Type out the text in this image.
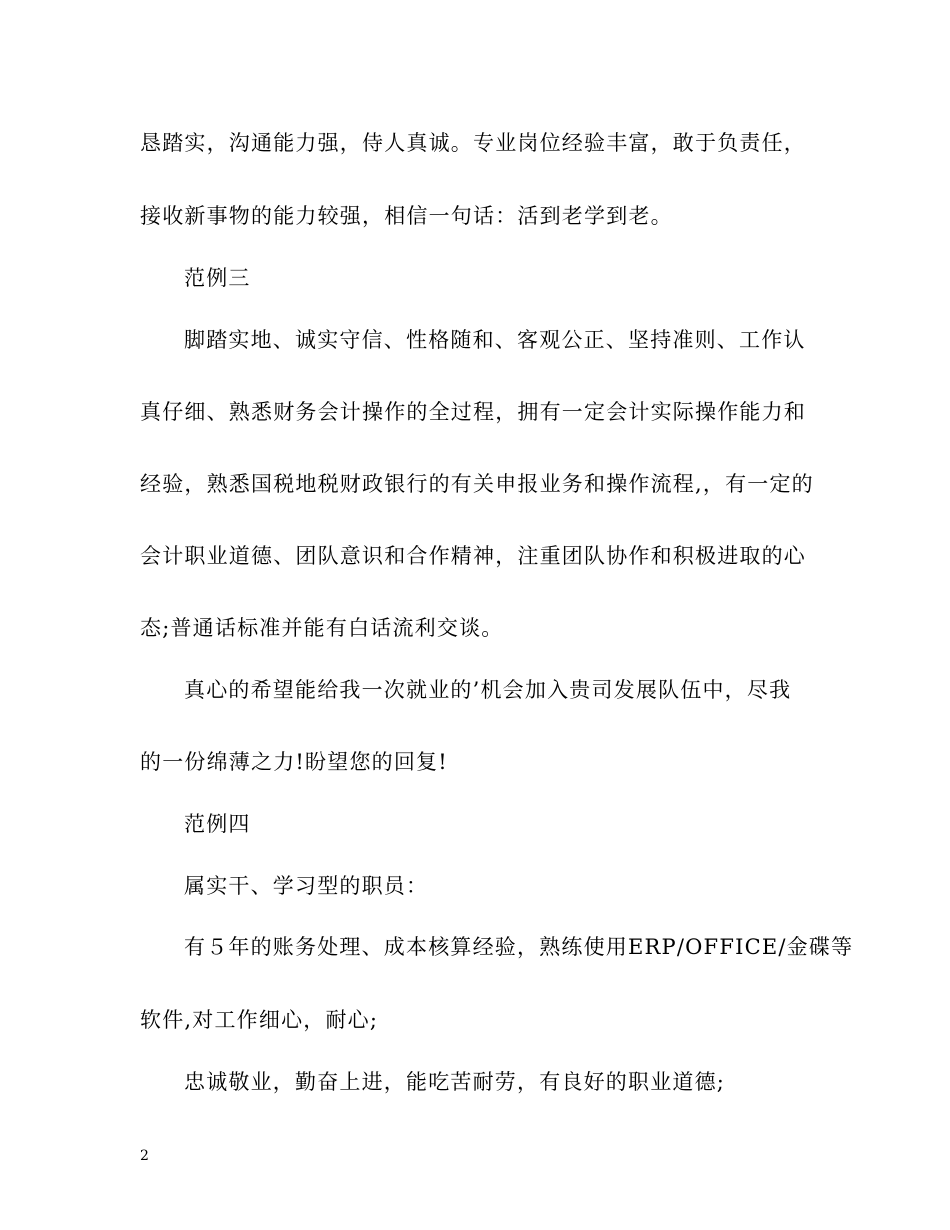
恳踏实，沟通能力强，侍人真诚。专业岗位经验丰富，敢于负责任，
接收新事物的能力较强，相信一句话：活到老学到老。
范例三
脚踏实地、诚实守信、性格随和、客观公正、坚持准则、工作认
真仔细、熟悉财务会计操作的全过程，拥有一定会计实际操作能力和
经验，熟悉国税地税财政银行的有关申报业务和操作流程,，有一定的
会计职业道德、团队意识和合作精神，注重团队协作和积极进取的心
态;普通话标准并能有白话流利交谈。
真心的希望能给我一次就业的’机会加入贵司发展队伍中，尽我
的一份绵薄之力!盼望您的回复!
范例四
属实干、学习型的职员：
有５年的账务处理、成本核算经验，熟练使用ERP/OFFICE/金碟等
软件,对工作细心，耐心;
忠诚敬业，勤奋上进，能吃苦耐劳，有良好的职业道德;
2
